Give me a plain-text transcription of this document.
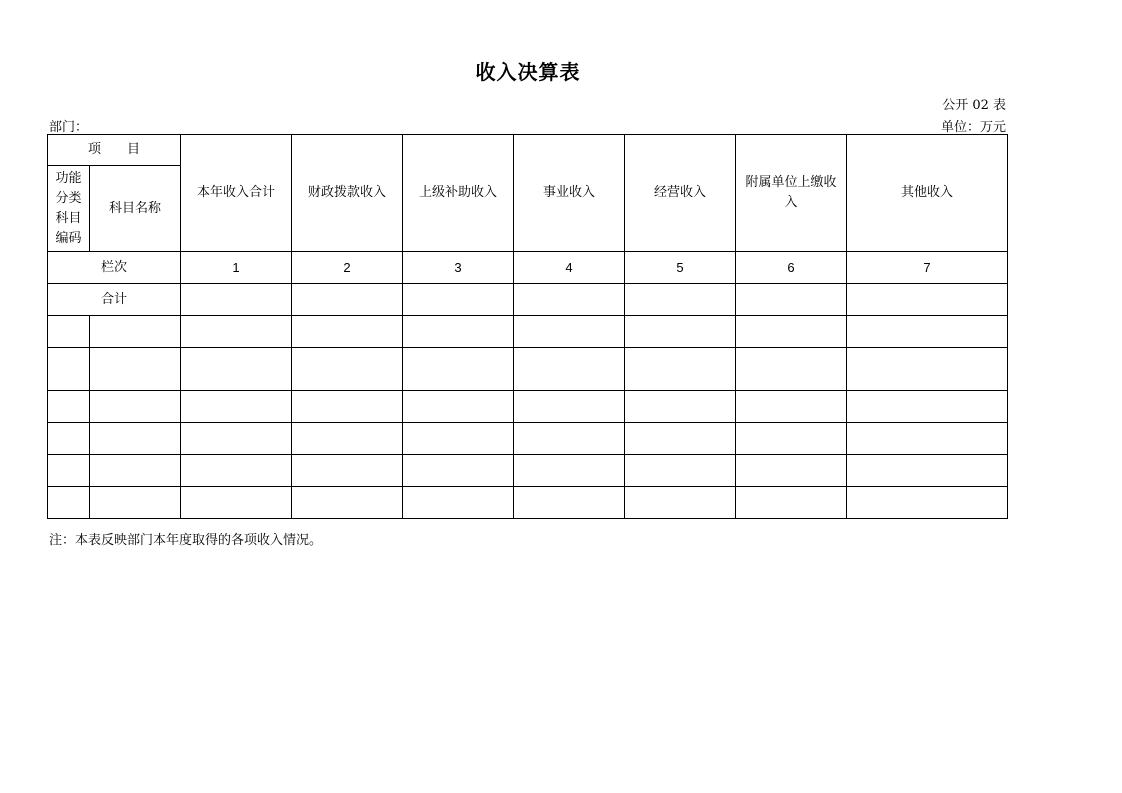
收入决算表
公开 02 表
部门：	单位：万元
项　　目		本年收入合计	财政拨款收入	上级补助收入	事业收入	经营收入	附属单位上缴收入	其他收入
功能分类科目编码	科目名称							
栏次		1	2	3	4	5	6	7
合计								

注：本表反映部门本年度取得的各项收入情况。
